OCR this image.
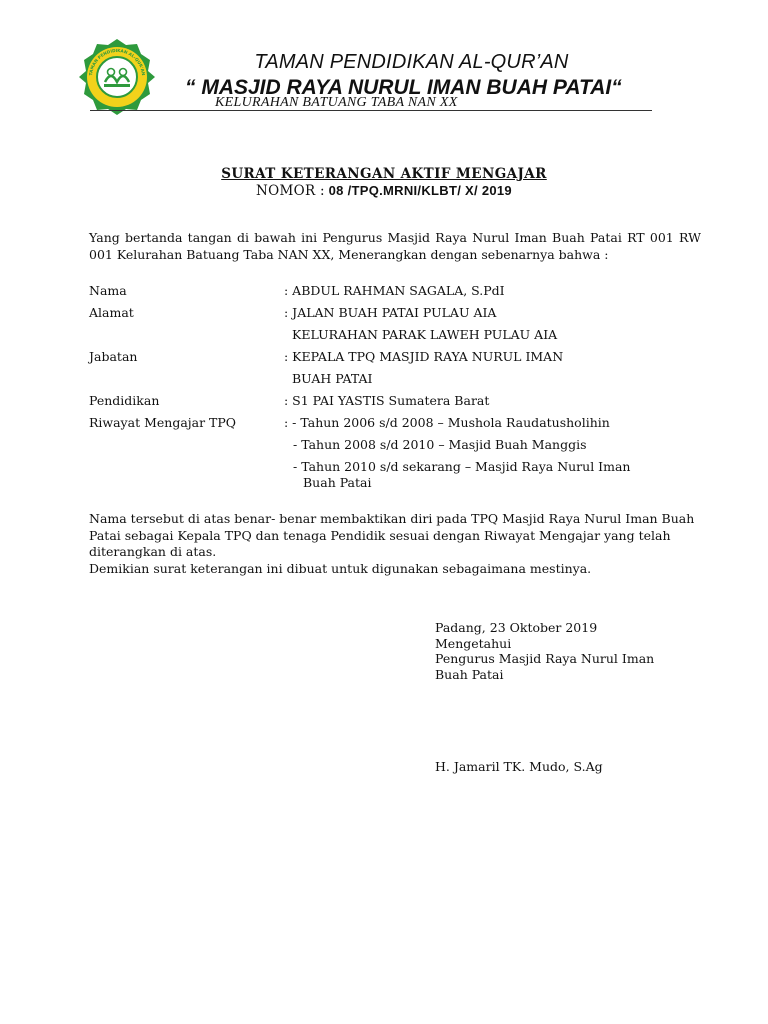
TAMAN PENDIDIKAN AL-QUR'AN
TAMAN PENDIDIKAN AL-QUR’AN
“ MASJID RAYA NURUL IMAN BUAH PATAI“
KELURAHAN BATUANG TABA NAN XX
SURAT KETERANGAN AKTIF MENGAJAR
NOMOR : 08 /TPQ.MRNI/KLBT/ X/ 2019
Yang bertanda tangan di bawah ini Pengurus Masjid Raya Nurul Iman Buah Patai RT 001 RW 001 Kelurahan Batuang Taba NAN XX, Menerangkan dengan sebenarnya bahwa :
Nama	: ABDUL RAHMAN SAGALA, S.PdI
Alamat	: JALAN BUAH PATAI PULAU AIA
KELURAHAN PARAK LAWEH PULAU AIA
Jabatan	: KEPALA TPQ MASJID RAYA NURUL IMAN
BUAH PATAI
Pendidikan	: S1 PAI YASTIS Sumatera Barat
Riwayat Mengajar TPQ	: - Tahun 2006 s/d 2008 – Mushola Raudatusholihin
- Tahun 2008 s/d 2010 – Masjid Buah Manggis
- Tahun 2010 s/d sekarang – Masjid Raya Nurul Iman
Buah Patai
Nama tersebut di atas benar- benar membaktikan diri pada TPQ Masjid Raya Nurul Iman Buah Patai sebagai Kepala TPQ dan tenaga Pendidik sesuai dengan Riwayat Mengajar yang telah diterangkan di atas.
Demikian surat keterangan ini dibuat untuk digunakan sebagaimana mestinya.
Padang, 23 Oktober 2019
Mengetahui
Pengurus Masjid Raya Nurul Iman
Buah Patai
H. Jamaril TK. Mudo, S.Ag
